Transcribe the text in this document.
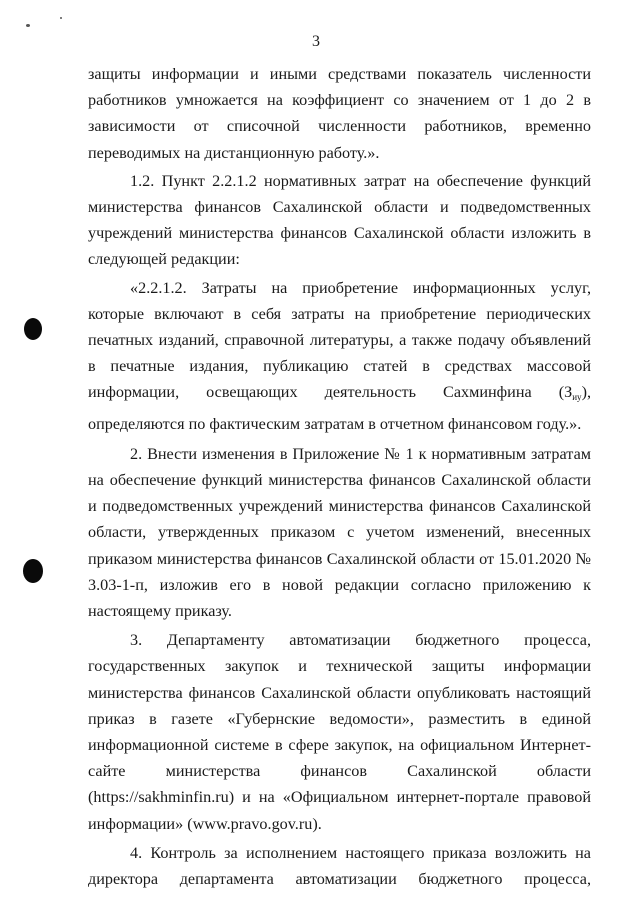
3

защиты информации и иными средствами показатель численности работников умножается на коэффициент со значением от 1 до 2 в зависимости от списочной численности работников, временно переводимых на дистанционную работу.».

1.2. Пункт 2.2.1.2 нормативных затрат на обеспечение функций министерства финансов Сахалинской области и подведомственных учреждений министерства финансов Сахалинской области изложить в следующей редакции:

«2.2.1.2. Затраты на приобретение информационных услуг, которые включают в себя затраты на приобретение периодических печатных изданий, справочной литературы, а также подачу объявлений в печатные издания, публикацию статей в средствах массовой информации, освещающих деятельность Сахминфина $(З_{иу})$, определяются по фактическим затратам в отчетном финансовом году.».

2. Внести изменения в Приложение № 1 к нормативным затратам на обеспечение функций министерства финансов Сахалинской области и подведомственных учреждений министерства финансов Сахалинской области, утвержденных приказом с учетом изменений, внесенных приказом министерства финансов Сахалинской области от 15.01.2020 № 3.03-1-п, изложив его в новой редакции согласно приложению к настоящему приказу.

3. Департаменту автоматизации бюджетного процесса, государственных закупок и технической защиты информации министерства финансов Сахалинской области опубликовать настоящий приказ в газете «Губернские ведомости», разместить в единой информационной системе в сфере закупок, на официальном Интернет-сайте министерства финансов Сахалинской области (https://sakhminfin.ru) и на «Официальном интернет-портале правовой информации» (www.pravo.gov.ru).

4. Контроль за исполнением настоящего приказа возложить на директора департамента автоматизации бюджетного процесса,
